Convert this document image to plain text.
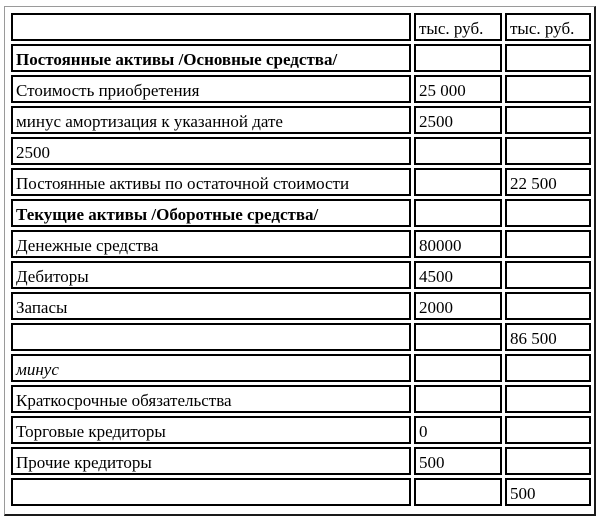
	тыс. руб.	тыс. руб.
Постоянные активы /Основные средства/		
Стоимость приобретения	25 000	
минус амортизация к указанной дате	2500	
2500		
Постоянные активы по остаточной стоимости		22 500
Текущие активы /Оборотные средства/		
Денежные средства	80000	
Дебиторы	4500	
Запасы	2000	
		86 500
минус		
Краткосрочные обязательства		
Торговые кредиторы	0	
Прочие кредиторы	500	
		500
